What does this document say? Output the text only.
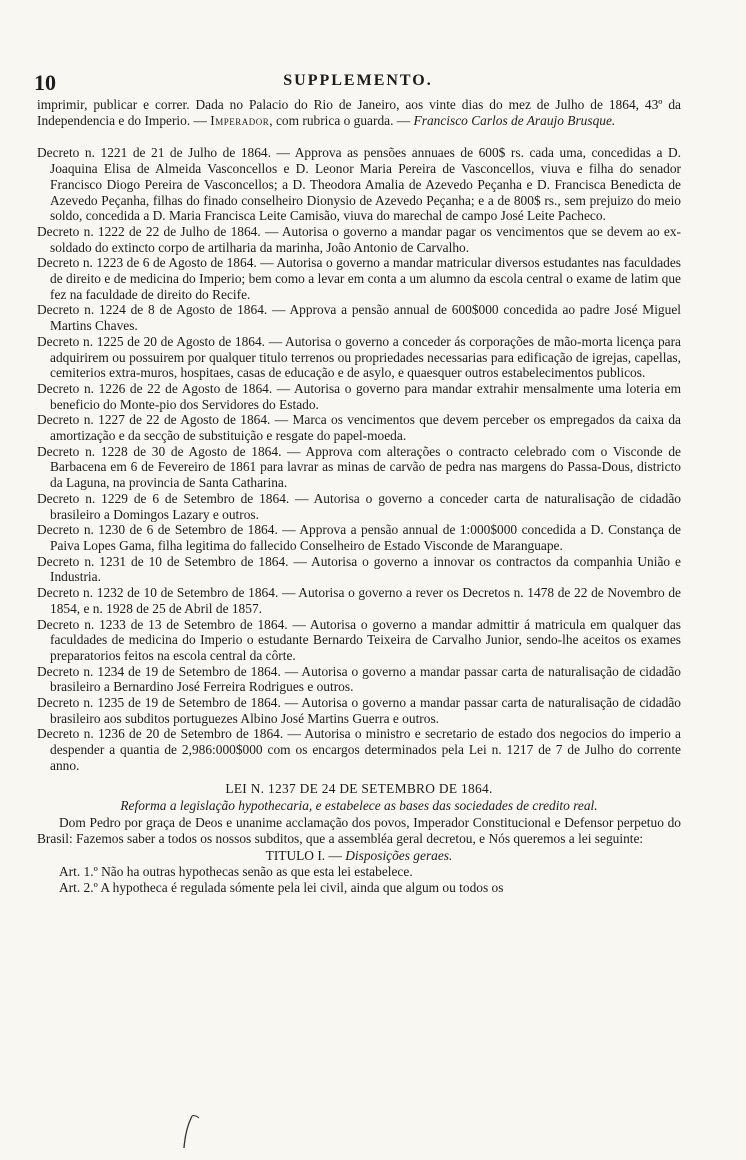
10	SUPPLEMENTO.

imprimir, publicar e correr. Dada no Palacio do Rio de Janeiro, aos vinte dias do mez de Julho de 1864, 43º da Independencia e do Imperio. — Imperador, com rubrica o guarda. — Francisco Carlos de Araujo Brusque.

Decreto n. 1221 de 21 de Julho de 1864. — Approva as pensões annuaes de 600$ rs. cada uma, concedidas a D. Joaquina Elisa de Almeida Vasconcellos e D. Leonor Maria Pereira de Vasconcellos, viuva e filha do senador Francisco Diogo Pereira de Vasconcellos; a D. Theodora Amalia de Azevedo Peçanha e D. Francisca Benedicta de Azevedo Peçanha, filhas do finado conselheiro Dionysio de Azevedo Peçanha; e a de 800$ rs., sem prejuizo do meio soldo, concedida a D. Maria Francisca Leite Camisão, viuva do marechal de campo José Leite Pacheco.

Decreto n. 1222 de 22 de Julho de 1864. — Autorisa o governo a mandar pagar os vencimentos que se devem ao ex-soldado do extincto corpo de artilharia da marinha, João Antonio de Carvalho.

Decreto n. 1223 de 6 de Agosto de 1864. — Autorisa o governo a mandar matricular diversos estudantes nas faculdades de direito e de medicina do Imperio; bem como a levar em conta a um alumno da escola central o exame de latim que fez na faculdade de direito do Recife.

Decreto n. 1224 de 8 de Agosto de 1864. — Approva a pensão annual de 600$000 concedida ao padre José Miguel Martins Chaves.

Decreto n. 1225 de 20 de Agosto de 1864. — Autorisa o governo a conceder ás corporações de mão-morta licença para adquirirem ou possuirem por qualquer titulo terrenos ou propriedades necessarias para edificação de igrejas, capellas, cemiterios extra-muros, hospitaes, casas de educação e de asylo, e quaesquer outros estabelecimentos publicos.

Decreto n. 1226 de 22 de Agosto de 1864. — Autorisa o governo para mandar extrahir mensalmente uma loteria em beneficio do Monte-pio dos Servidores do Estado.

Decreto n. 1227 de 22 de Agosto de 1864. — Marca os vencimentos que devem perceber os empregados da caixa da amortização e da secção de substituição e resgate do papel-moeda.

Decreto n. 1228 de 30 de Agosto de 1864. — Approva com alterações o contracto celebrado com o Visconde de Barbacena em 6 de Fevereiro de 1861 para lavrar as minas de carvão de pedra nas margens do Passa-Dous, districto da Laguna, na provincia de Santa Catharina.

Decreto n. 1229 de 6 de Setembro de 1864. — Autorisa o governo a conceder carta de naturalisação de cidadão brasileiro a Domingos Lazary e outros.

Decreto n. 1230 de 6 de Setembro de 1864. — Approva a pensão annual de 1:000$000 concedida a D. Constança de Paiva Lopes Gama, filha legitima do fallecido Conselheiro de Estado Visconde de Maranguape.

Decreto n. 1231 de 10 de Setembro de 1864. — Autorisa o governo a innovar os contractos da companhia União e Industria.

Decreto n. 1232 de 10 de Setembro de 1864. — Autorisa o governo a rever os Decretos n. 1478 de 22 de Novembro de 1854, e n. 1928 de 25 de Abril de 1857.

Decreto n. 1233 de 13 de Setembro de 1864. — Autorisa o governo a mandar admittir á matricula em qualquer das faculdades de medicina do Imperio o estudante Bernardo Teixeira de Carvalho Junior, sendo-lhe aceitos os exames preparatorios feitos na escola central da côrte.

Decreto n. 1234 de 19 de Setembro de 1864. — Autorisa o governo a mandar passar carta de naturalisação de cidadão brasileiro a Bernardino José Ferreira Rodrigues e outros.

Decreto n. 1235 de 19 de Setembro de 1864. — Autorisa o governo a mandar passar carta de naturalisação de cidadão brasileiro aos subditos portuguezes Albino José Martins Guerra e outros.

Decreto n. 1236 de 20 de Setembro de 1864. — Autorisa o ministro e secretario de estado dos negocios do imperio a despender a quantia de 2,986:000$000 com os encargos determinados pela Lei n. 1217 de 7 de Julho do corrente anno.

LEI N. 1237 DE 24 DE SETEMBRO DE 1864.

Reforma a legislação hypothecaria, e estabelece as bases das sociedades de credito real.

Dom Pedro por graça de Deos e unanime acclamação dos povos, Imperador Constitucional e Defensor perpetuo do Brasil: Fazemos saber a todos os nossos subditos, que a assembléa geral decretou, e Nós queremos a lei seguinte:

TITULO I. — Disposições geraes.

Art. 1.º Não ha outras hypothecas senão as que esta lei estabelece.

Art. 2.º A hypotheca é regulada sómente pela lei civil, ainda que algum ou todos os
